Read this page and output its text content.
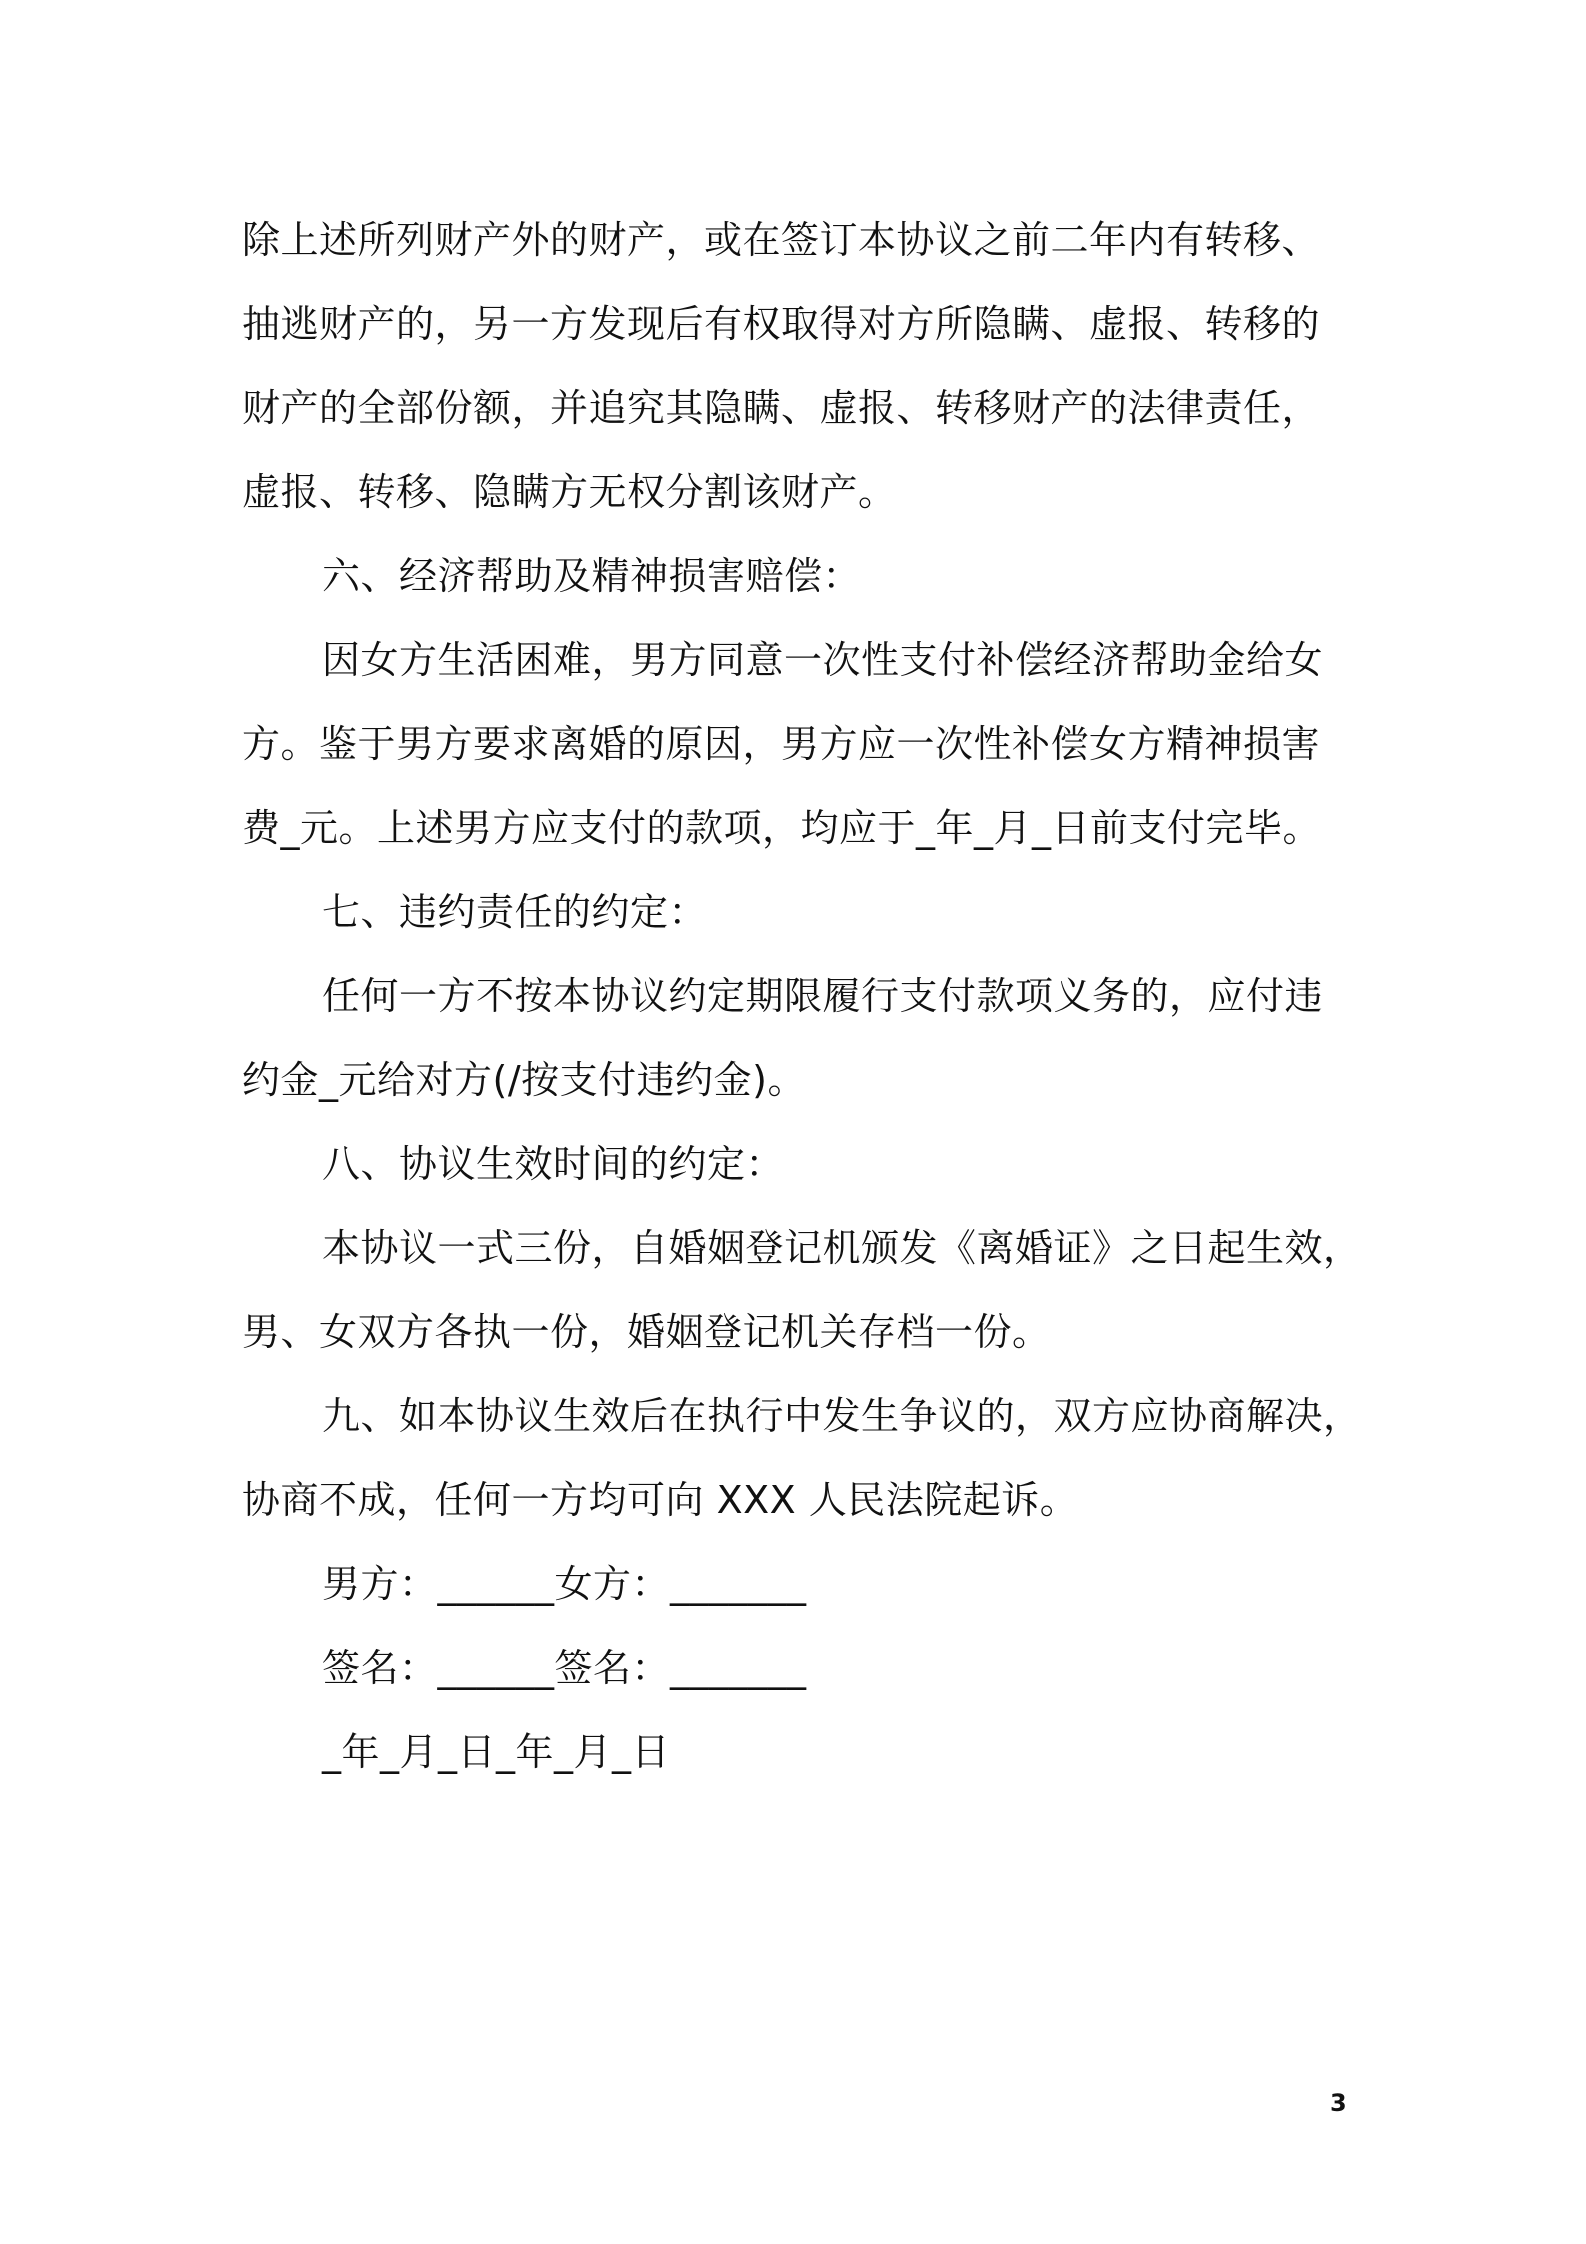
除上述所列财产外的财产，或在签订本协议之前二年内有转移、
抽逃财产的，另一方发现后有权取得对方所隐瞒、虚报、转移的
财产的全部份额，并追究其隐瞒、虚报、转移财产的法律责任，
虚报、转移、隐瞒方无权分割该财产。
六、经济帮助及精神损害赔偿：
因女方生活困难，男方同意一次性支付补偿经济帮助金给女
方。鉴于男方要求离婚的原因，男方应一次性补偿女方精神损害
费_元。上述男方应支付的款项，均应于_年_月_日前支付完毕。
七、违约责任的约定：
任何一方不按本协议约定期限履行支付款项义务的，应付违
约金_元给对方(/按支付违约金)。
八、协议生效时间的约定：
本协议一式三份，自婚姻登记机颁发《离婚证》之日起生效，
男、女双方各执一份，婚姻登记机关存档一份。
九、如本协议生效后在执行中发生争议的，双方应协商解决，
协商不成，任何一方均可向 XXX 人民法院起诉。
男方：______女方：_______
签名：______签名：_______
_年_月_日_年_月_日
3
